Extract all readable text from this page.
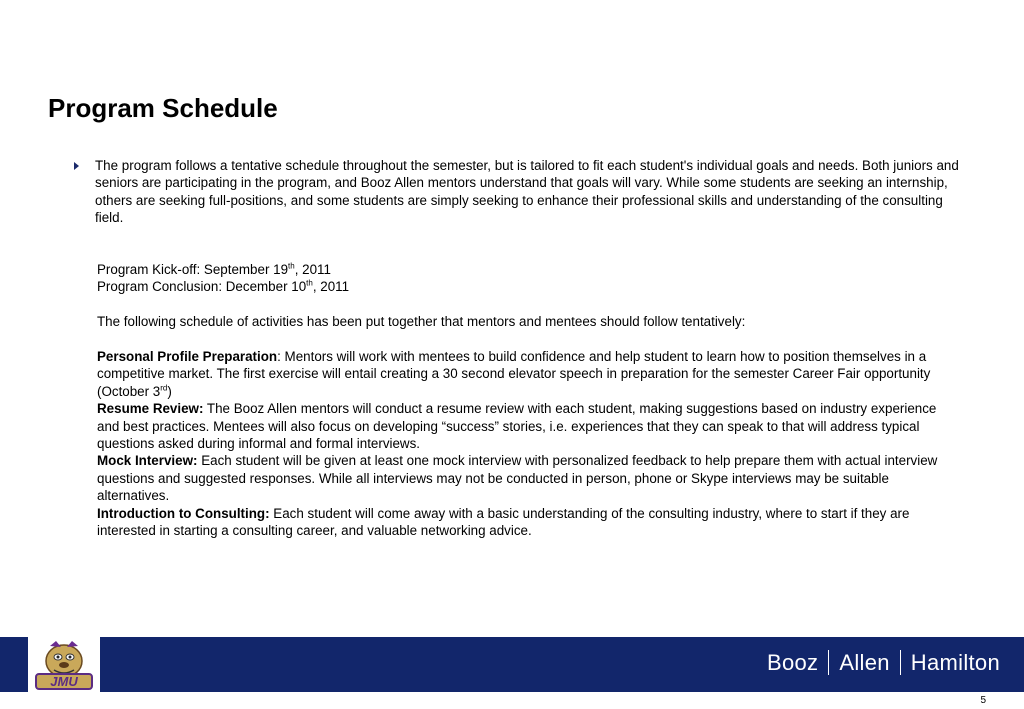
Program Schedule
The program follows a tentative schedule throughout the semester, but is tailored to fit each student's individual goals and needs. Both juniors and seniors are participating in the program, and Booz Allen mentors understand that goals will vary. While some students are seeking an internship, others are seeking full-positions, and some students are simply seeking to enhance their professional skills and understanding of the consulting field.

Program Kick-off: September 19th, 2011

Program Conclusion: December 10th, 2011

The following schedule of activities has been put together that mentors and mentees should follow tentatively:

Personal Profile Preparation: Mentors will work with mentees to build confidence and help student to learn how to position themselves in a competitive market. The first exercise will entail creating a 30 second elevator speech in preparation for the semester Career Fair opportunity (October 3rd)

Resume Review: The Booz Allen mentors will conduct a resume review with each student, making suggestions based on industry experience and best practices. Mentees will also focus on developing “success” stories, i.e. experiences that they can speak to that will address typical questions asked during informal and formal interviews.

Mock Interview: Each student will be given at least one mock interview with personalized feedback to help prepare them with actual interview questions and suggested responses. While all interviews may not be conducted in person, phone or Skype interviews may be suitable alternatives.

Introduction to Consulting: Each student will come away with a basic understanding of the consulting industry, where to start if they are interested in starting a consulting career, and valuable networking advice.

JMU
Booz Allen Hamilton
5
